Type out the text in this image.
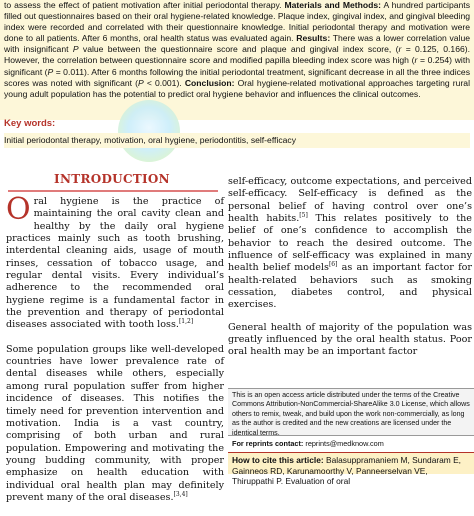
to assess the effect of patient motivation after initial periodontal therapy. Materials and Methods: A hundred participants filled out questionnaires based on their oral hygiene-related knowledge. Plaque index, gingival index, and gingival bleeding index were recorded and correlated with their questionnaire knowledge. Initial periodontal therapy and motivation were done to all patients. After 6 months, oral health status was evaluated again. Results: There was a lower correlation value with insignificant P value between the questionnaire score and plaque and gingival index score, (r = 0.125, 0.166). However, the correlation between questionnaire score and modified papilla bleeding index score was high (r = 0.254) with significant (P = 0.011). After 6 months following the initial periodontal treatment, significant decrease in all the three indices scores was noted with significant (P < 0.001). Conclusion: Oral hygiene-related motivational approaches targeting rural young adult population has the potential to predict oral hygiene behavior and influences the clinical outcomes.
Key words:
Initial periodontal therapy, motivation, oral hygiene, periodontitis, self-efficacy
INTRODUCTION

Oral hygiene is the practice of maintaining the oral cavity clean and healthy by the daily oral hygiene practices mainly such as tooth brushing, interdental cleaning aids, usage of mouth rinses, cessation of tobacco usage, and regular dental visits. Every individual’s adherence to the recommended oral hygiene regime is a fundamental factor in the prevention and therapy of periodontal diseases associated with tooth loss.[1,2]

Some population groups like well-developed countries have lower prevalence rate of dental diseases while others, especially among rural population suffer from higher incidence of diseases. This notifies the timely need for prevention intervention and motivation. India is a vast country, comprising of both urban and rural population. Empowering and motivating the young budding community, with proper emphasize on health education with individual oral health plan may definitely prevent many of the oral diseases.[3,4]

self-efficacy, outcome expectations, and perceived self-efficacy. Self-efficacy is defined as the personal belief of having control over one’s health habits.[5] This relates positively to the belief of one’s confidence to accomplish the behavior to reach the desired outcome. The influence of self-efficacy was explained in many health belief models[6] as an important factor for health-related behaviors such as smoking cessation, diabetes control, and physical exercises.

General health of majority of the population was greatly influenced by the oral health status. Poor oral health may be an important factor

This is an open access article distributed under the terms of the Creative Commons Attribution-NonCommercial-ShareAlike 3.0 License, which allows others to remix, tweak, and build upon the work non-commercially, as long as the author is credited and the new creations are licensed under the identical terms.
For reprints contact: reprints@medknow.com
How to cite this article: Balasuppramaniem M, Sundaram E, Gainneos RD, Karunamoorthy V, Panneerselvan VE, Thiruppathi P. Evaluation of oral
